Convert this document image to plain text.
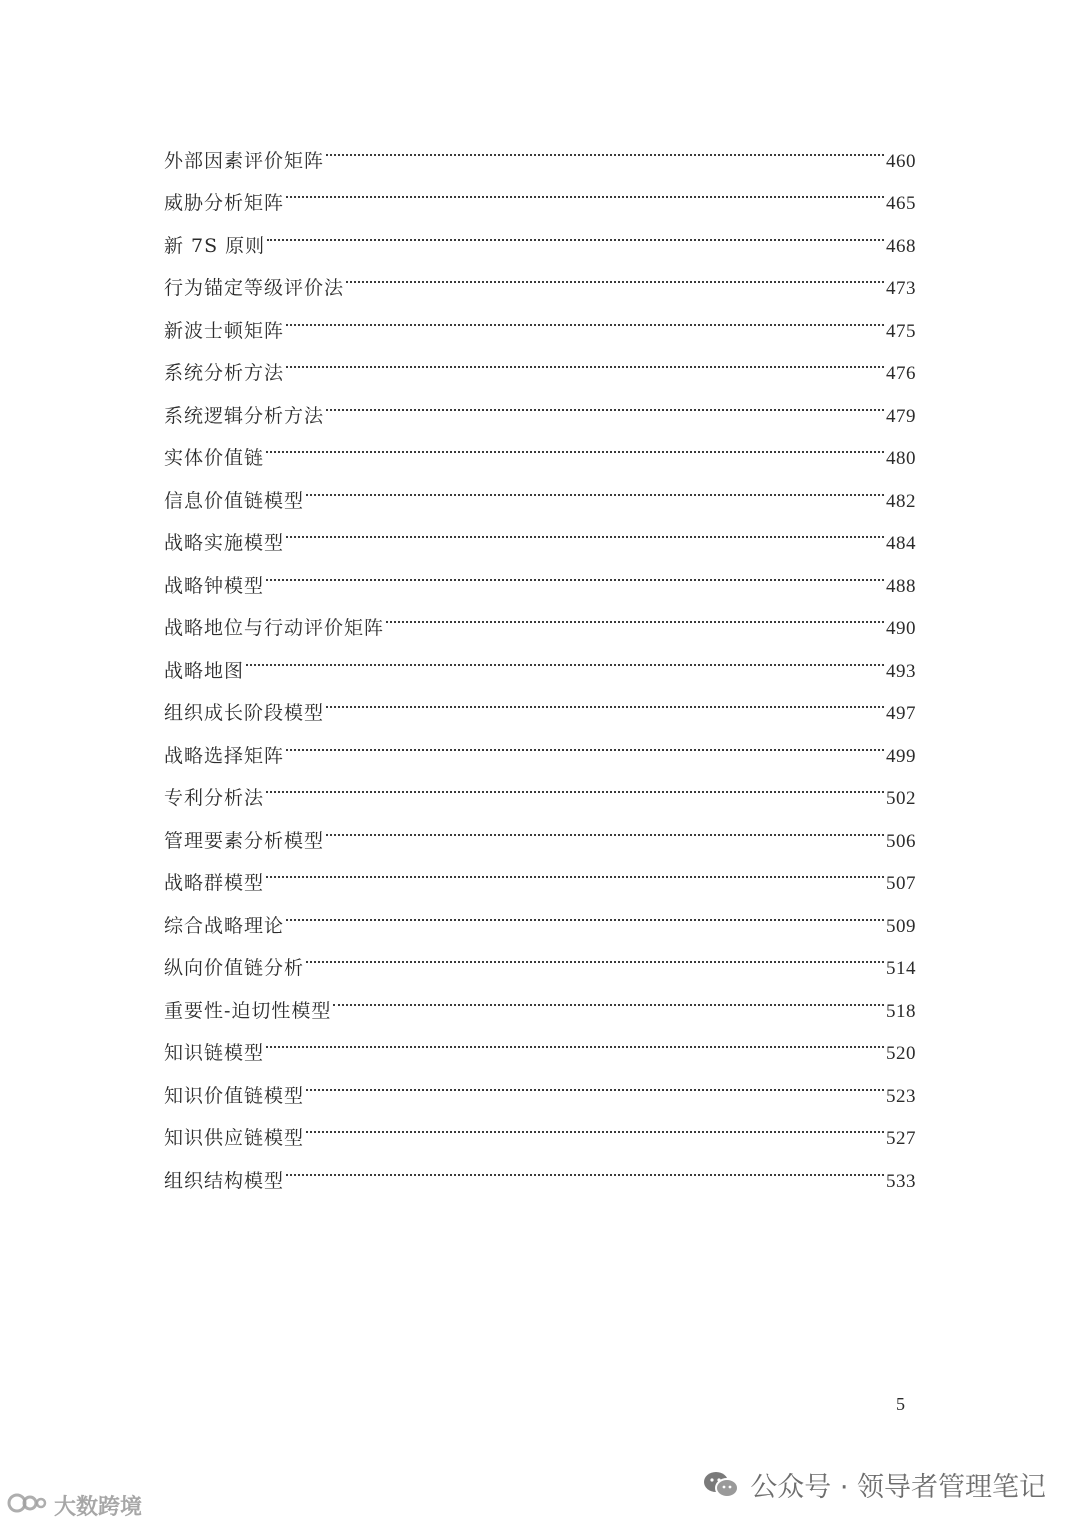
外部因素评价矩阵	460
威胁分析矩阵	465
新 7S 原则	468
行为锚定等级评价法	473
新波士顿矩阵	475
系统分析方法	476
系统逻辑分析方法	479
实体价值链	480
信息价值链模型	482
战略实施模型	484
战略钟模型	488
战略地位与行动评价矩阵	490
战略地图	493
组织成长阶段模型	497
战略选择矩阵	499
专利分析法	502
管理要素分析模型	506
战略群模型	507
综合战略理论	509
纵向价值链分析	514
重要性-迫切性模型	518
知识链模型	520
知识价值链模型	523
知识供应链模型	527
组织结构模型	533
5
大数跨境
公众号 · 领导者管理笔记
